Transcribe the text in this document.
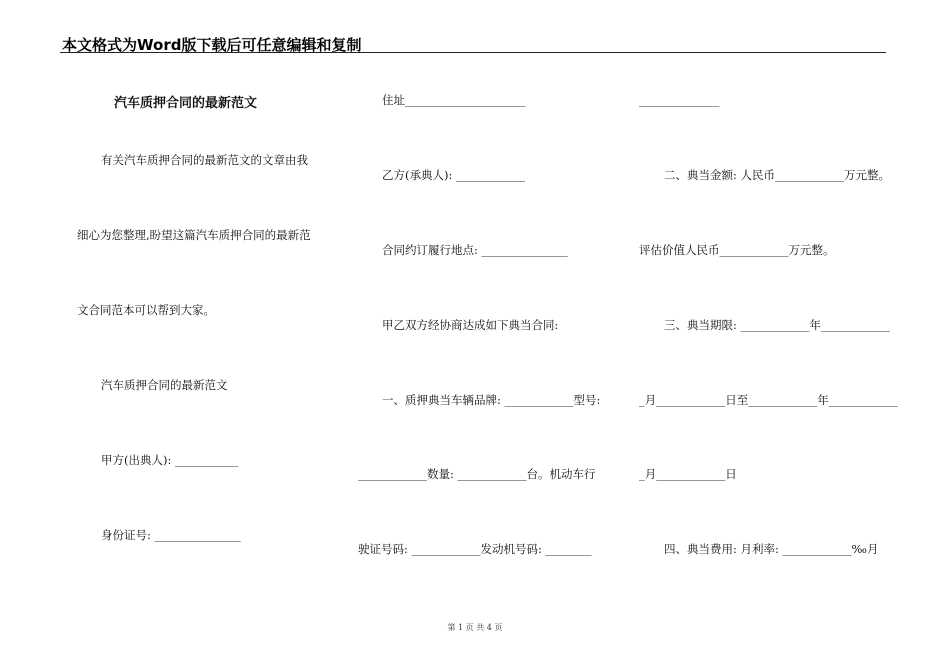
本文格式为Word版下载后可任意编辑和复制
汽车质押合同的最新范文
有关汽车质押合同的最新范文的文章由我
细心为您整理,盼望这篇汽车质押合同的最新范
文合同范本可以帮到大家。
汽车质押合同的最新范文
甲方(出典人): ___________
身份证号: _______________
住址_____________________
乙方(承典人): ____________
合同约订履行地点: _______________
甲乙双方经协商达成如下典当合同:
一、质押典当车辆品牌: ____________型号:
____________数量: ____________台。机动车行
驶证号码: ____________发动机号码: ________
______________
二、典当金额: 人民币____________万元整。
评估价值人民币____________万元整。
三、典当期限: ____________年____________
_月____________日至____________年____________
_月____________日
四、典当费用: 月利率: ____________‰月
第 1 页 共 4 页
